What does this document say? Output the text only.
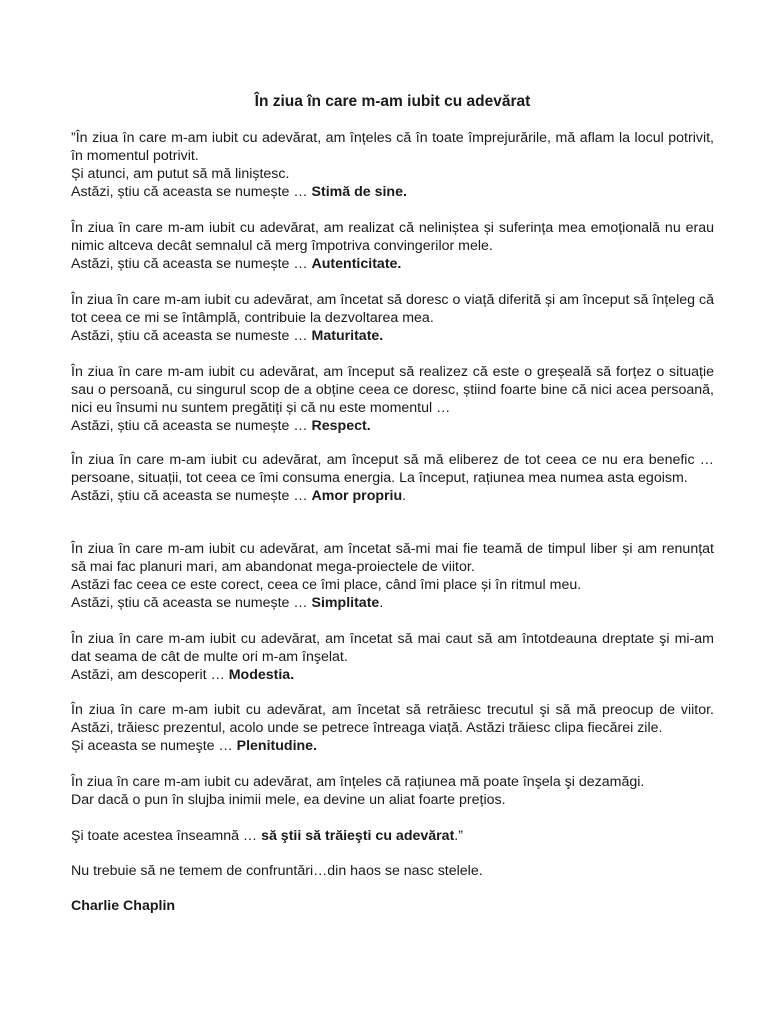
În ziua în care m-am iubit cu adevărat

”În ziua în care m-am iubit cu adevărat, am înțeles că în toate împrejurările, mă aflam la locul potrivit, în momentul potrivit.
Și atunci, am putut să mă liniștesc.
Astăzi, știu că aceasta se numește … Stimă de sine.

În ziua în care m-am iubit cu adevărat, am realizat că neliniștea și suferința mea emoțională nu erau nimic altceva decât semnalul că merg împotriva convingerilor mele.
Astăzi, știu că aceasta se numește … Autenticitate.

În ziua în care m-am iubit cu adevărat, am încetat să doresc o viață diferită și am început să înțeleg că tot ceea ce mi se întâmplă, contribuie la dezvoltarea mea.
Astăzi, știu că aceasta se numeste … Maturitate.

În ziua în care m-am iubit cu adevărat, am început să realizez că este o greșeală să forțez o situație sau o persoană, cu singurul scop de a obține ceea ce doresc, știind foarte bine că nici acea persoană, nici eu însumi nu suntem pregătiți și că nu este momentul …
Astăzi, știu că aceasta se numește … Respect.

În ziua în care m-am iubit cu adevărat, am început să mă eliberez de tot ceea ce nu era benefic … persoane, situații, tot ceea ce îmi consuma energia. La început, rațiunea mea numea asta egoism.
Astăzi, știu că aceasta se numește … Amor propriu.

În ziua în care m-am iubit cu adevărat, am încetat să-mi mai fie teamă de timpul liber și am renunțat să mai fac planuri mari, am abandonat mega-proiectele de viitor.
Astăzi fac ceea ce este corect, ceea ce îmi place, când îmi place și în ritmul meu.
Astăzi, știu că aceasta se numește … Simplitate.

În ziua în care m-am iubit cu adevărat, am încetat să mai caut să am întotdeauna dreptate şi mi-am dat seama de cât de multe ori m-am înşelat.
Astăzi, am descoperit … Modestia.

În ziua în care m-am iubit cu adevărat, am încetat să retrăiesc trecutul şi să mă preocup de viitor. Astăzi, trăiesc prezentul, acolo unde se petrece întreaga viață. Astăzi trăiesc clipa fiecărei zile.
Și aceasta se numeşte … Plenitudine.

În ziua în care m-am iubit cu adevărat, am înțeles că rațiunea mă poate înşela şi dezamăgi.
Dar dacă o pun în slujba inimii mele, ea devine un aliat foarte prețios.

Şi toate acestea înseamnă … să ştii să trăieşti cu adevărat.”

Nu trebuie să ne temem de confruntări…din haos se nasc stelele.

Charlie Chaplin
